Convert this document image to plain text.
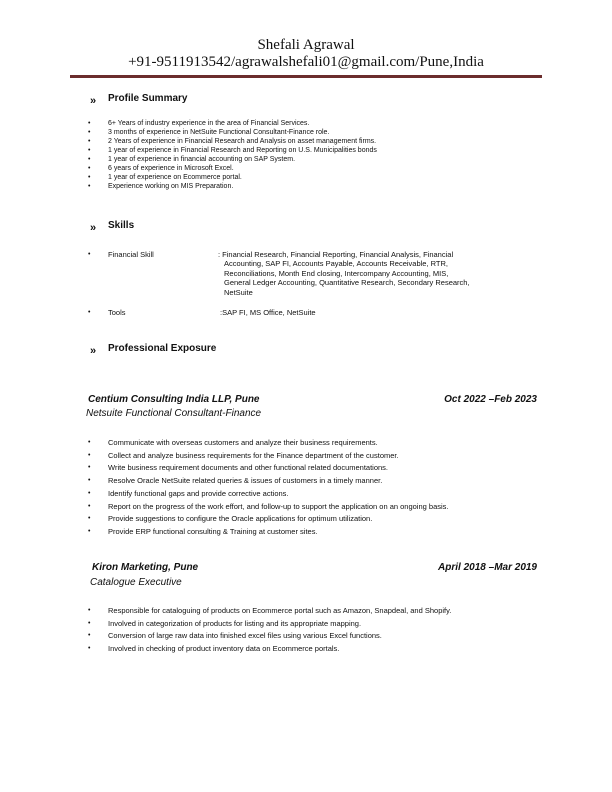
Shefali Agrawal
+91-9511913542/agrawalshefali01@gmail.com/Pune,India
» Profile Summary
•	6+ Years of industry experience in the area of Financial Services.
•	3 months of experience in NetSuite Functional Consultant-Finance role.
•	2 Years of experience in Financial Research and Analysis on asset management firms.
•	1 year of experience in Financial Research and Reporting on U.S. Municipalities bonds
•	1 year of experience in financial accounting on SAP System.
•	6 years of experience in Microsoft Excel.
•	1 year of experience on Ecommerce portal.
•	Experience working on MIS Preparation.
» Skills
• Financial Skill	: Financial Research, Financial Reporting, Financial Analysis, Financial
Accounting, SAP FI, Accounts Payable, Accounts Receivable, RTR,
Reconciliations, Month End closing, Intercompany Accounting, MIS,
General Ledger Accounting, Quantitative Research, Secondary Research,
NetSuite
• Tools	:SAP FI, MS Office, NetSuite
» Professional Exposure
Centium Consulting India LLP, Pune	Oct 2022 –Feb 2023
Netsuite Functional Consultant-Finance
• Communicate with overseas customers and analyze their business requirements.
• Collect and analyze business requirements for the Finance department of the customer.
• Write business requirement documents and other functional related documentations.
• Resolve Oracle NetSuite related queries & issues of customers in a timely manner.
• Identify functional gaps and provide corrective actions.
• Report on the progress of the work effort, and follow-up to support the application on an ongoing basis.
• Provide suggestions to configure the Oracle applications for optimum utilization.
• Provide ERP functional consulting & Training at customer sites.
Kiron Marketing, Pune	April 2018 –Mar 2019
Catalogue Executive
• Responsible for cataloguing of products on Ecommerce portal such as Amazon, Snapdeal, and Shopify.
• Involved in categorization of products for listing and its appropriate mapping.
• Conversion of large raw data into finished excel files using various Excel functions.
• Involved in checking of product inventory data on Ecommerce portals.
